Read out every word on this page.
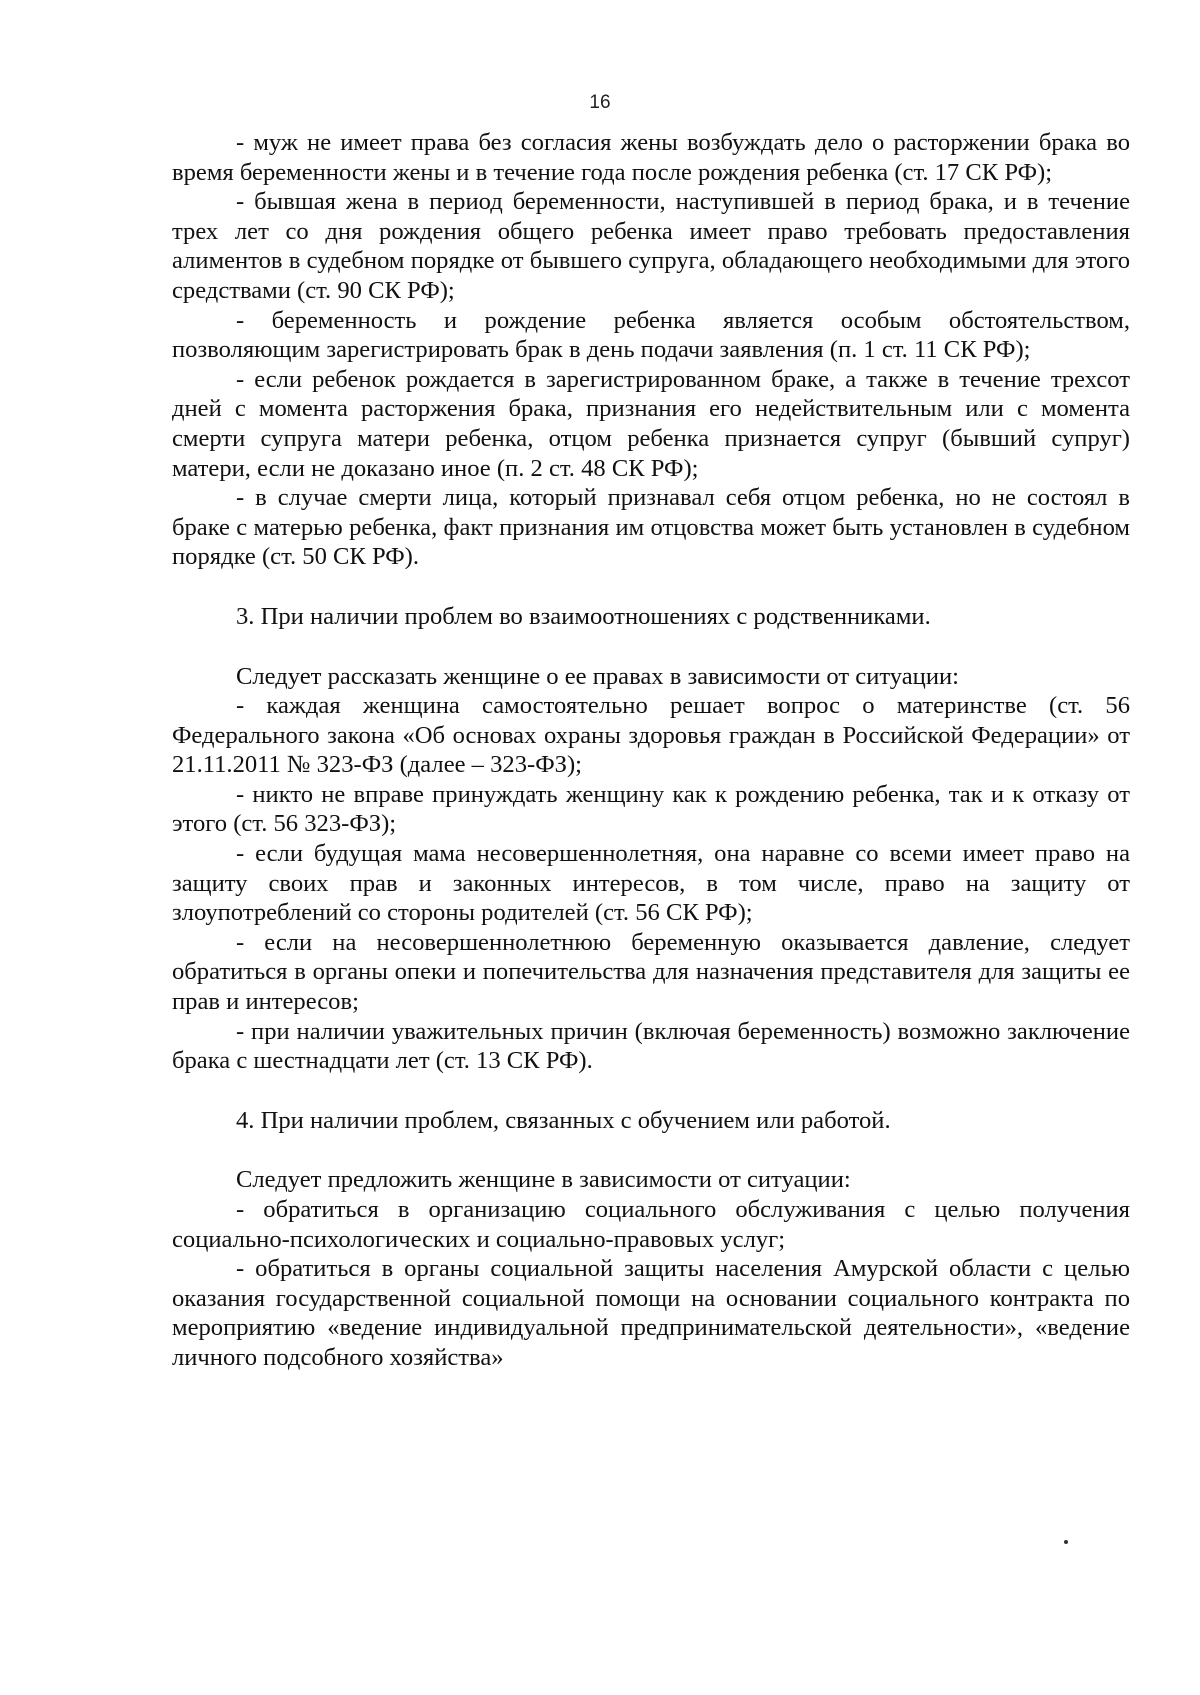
16

- муж не имеет права без согласия жены возбуждать дело о расторжении брака во время беременности жены и в течение года после рождения ребенка (ст. 17 СК РФ);

- бывшая жена в период беременности, наступившей в период брака, и в течение трех лет со дня рождения общего ребенка имеет право требовать предоставления алиментов в судебном порядке от бывшего супруга, обладающего необходимыми для этого средствами (ст. 90 СК РФ);

- беременность и рождение ребенка является особым обстоятельством, позволяющим зарегистрировать брак в день подачи заявления (п. 1 ст. 11 СК РФ);

- если ребенок рождается в зарегистрированном браке, а также в течение трехсот дней с момента расторжения брака, признания его недействительным или с момента смерти супруга матери ребенка, отцом ребенка признается супруг (бывший супруг) матери, если не доказано иное (п. 2 ст. 48 СК РФ);

- в случае смерти лица, который признавал себя отцом ребенка, но не состоял в браке с матерью ребенка, факт признания им отцовства может быть установлен в судебном порядке (ст. 50 СК РФ).

3. При наличии проблем во взаимоотношениях с родственниками.

Следует рассказать женщине о ее правах в зависимости от ситуации:

- каждая женщина самостоятельно решает вопрос о материнстве (ст. 56 Федерального закона «Об основах охраны здоровья граждан в Российской Федерации» от 21.11.2011 № 323-ФЗ (далее – 323-ФЗ);

- никто не вправе принуждать женщину как к рождению ребенка, так и к отказу от этого (ст. 56 323-ФЗ);

- если будущая мама несовершеннолетняя, она наравне со всеми имеет право на защиту своих прав и законных интересов, в том числе, право на защиту от злоупотреблений со стороны родителей (ст. 56 СК РФ);

- если на несовершеннолетнюю беременную оказывается давление, следует обратиться в органы опеки и попечительства для назначения представителя для защиты ее прав и интересов;

- при наличии уважительных причин (включая беременность) возможно заключение брака с шестнадцати лет (ст. 13 СК РФ).

4. При наличии проблем, связанных с обучением или работой.

Следует предложить женщине в зависимости от ситуации:

- обратиться в организацию социального обслуживания с целью получения социально-психологических и социально-правовых услуг;

- обратиться в органы социальной защиты населения Амурской области с целью оказания государственной социальной помощи на основании социального контракта по мероприятию «ведение индивидуальной предпринимательской деятельности», «ведение личного подсобного хозяйства»
